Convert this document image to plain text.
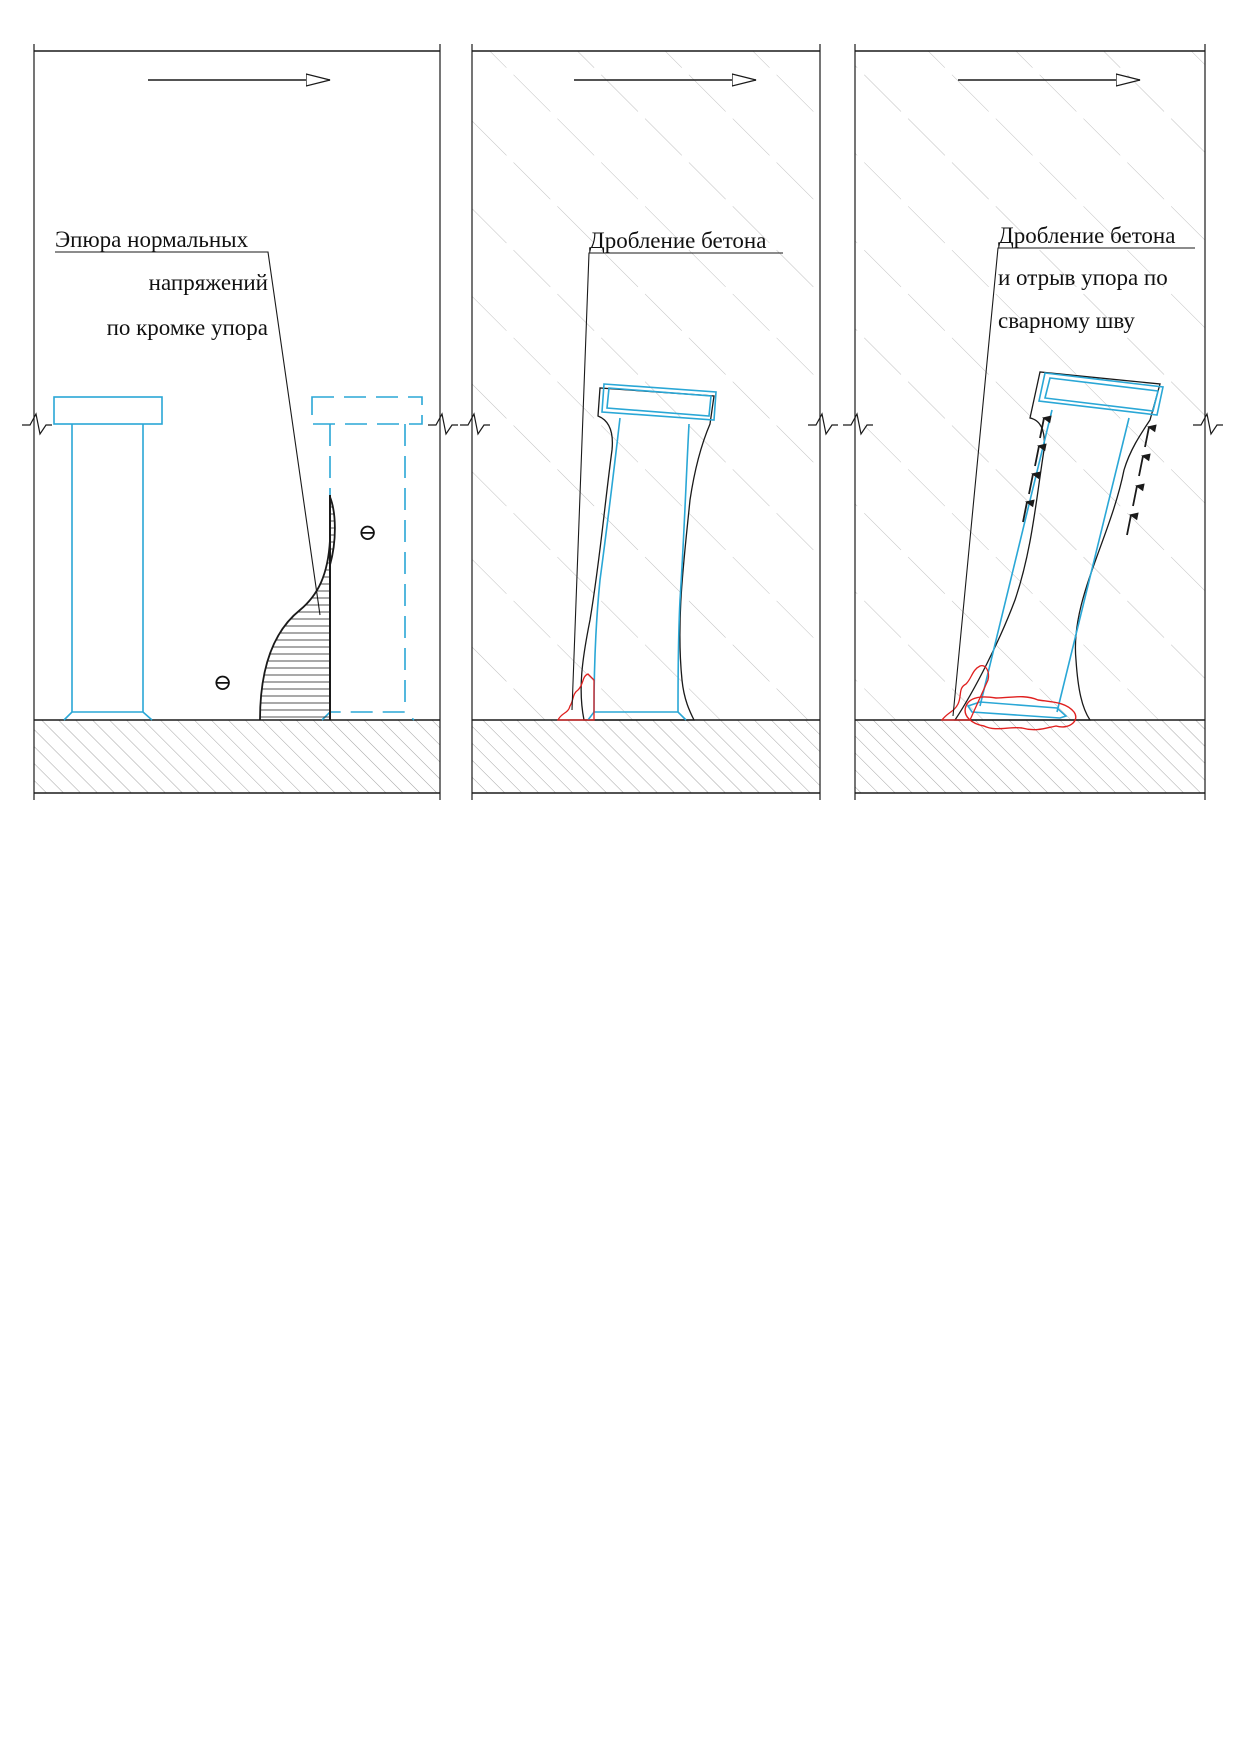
⊖
⊖
Эпюра нормальных
напряжений
по кромке упора
Дробление бетона	Дробление бетона
и отрыв упора по
сварному шву
